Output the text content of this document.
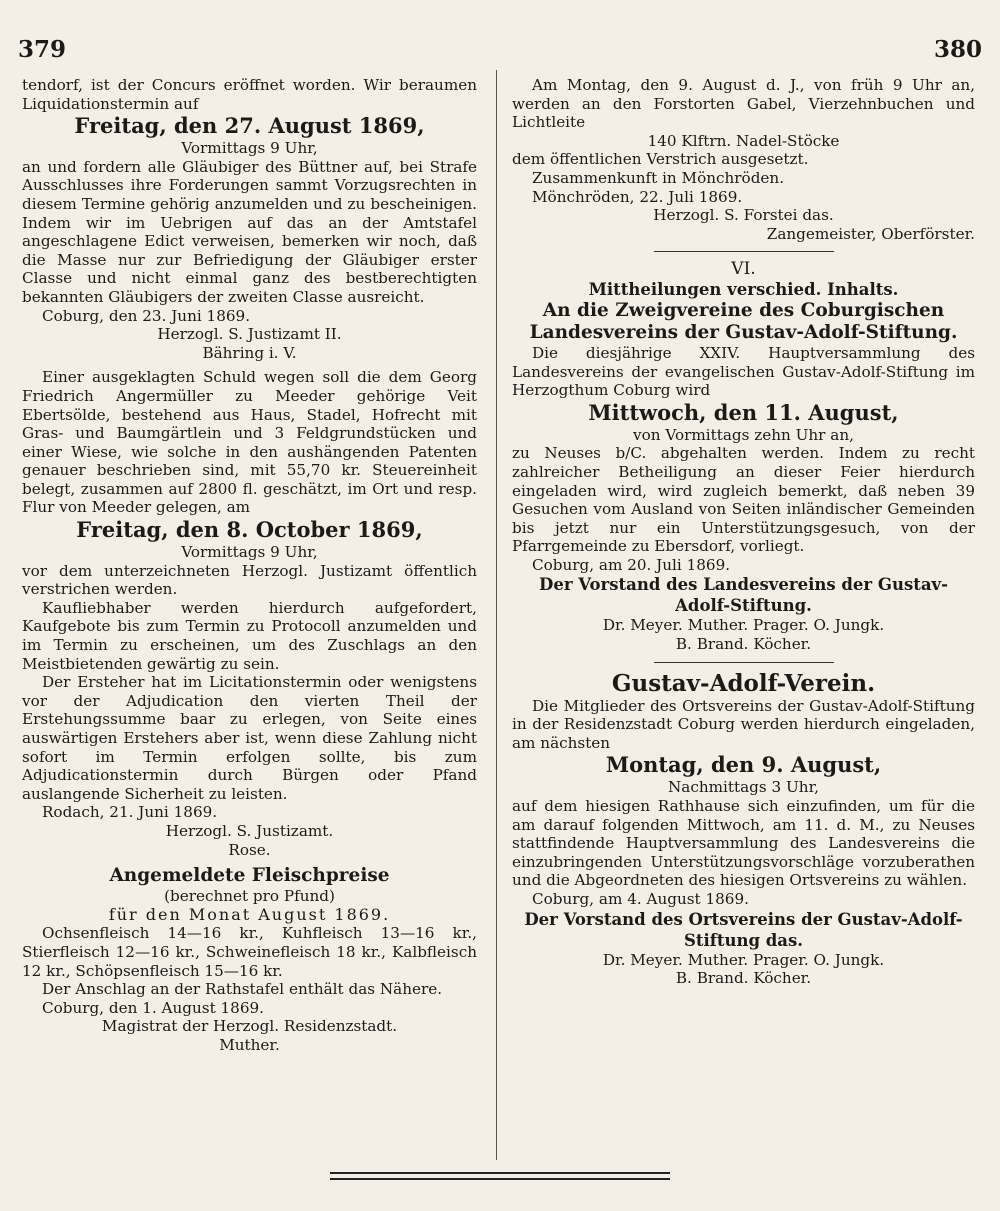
379	380

tendorf, ist der Concurs eröffnet worden. Wir beraumen Liquidationstermin auf

Freitag, den 27. August 1869,

Vormittags 9 Uhr,

an und fordern alle Gläubiger des Büttner auf, bei Strafe Ausschlusses ihre Forderungen sammt Vorzugsrechten in diesem Termine gehörig anzumelden und zu bescheinigen. Indem wir im Uebrigen auf das an der Amtstafel angeschlagene Edict verweisen, bemerken wir noch, daß die Masse nur zur Befriedigung der Gläubiger erster Classe und nicht einmal ganz des bestberechtigten bekannten Gläubigers der zweiten Classe ausreicht.

Coburg, den 23. Juni 1869.

Herzogl. S. Justizamt II.

Bähring i. V.

Einer ausgeklagten Schuld wegen soll die dem Georg Friedrich Angermüller zu Meeder gehörige Veit Ebertsölde, bestehend aus Haus, Stadel, Hofrecht mit Gras- und Baumgärtlein und 3 Feldgrundstücken und einer Wiese, wie solche in den aushängenden Patenten genauer beschrieben sind, mit 55,70 kr. Steuereinheit belegt, zusammen auf 2800 fl. geschätzt, im Ort und resp. Flur von Meeder gelegen, am

Freitag, den 8. October 1869,

Vormittags 9 Uhr,

vor dem unterzeichneten Herzogl. Justizamt öffentlich verstrichen werden.

Kaufliebhaber werden hierdurch aufgefordert, Kaufgebote bis zum Termin zu Protocoll anzumelden und im Termin zu erscheinen, um des Zuschlags an den Meistbietenden gewärtig zu sein.

Der Ersteher hat im Licitationstermin oder wenigstens vor der Adjudication den vierten Theil der Erstehungssumme baar zu erlegen, von Seite eines auswärtigen Erstehers aber ist, wenn diese Zahlung nicht sofort im Termin erfolgen sollte, bis zum Adjudicationstermin durch Bürgen oder Pfand auslangende Sicherheit zu leisten.

Rodach, 21. Juni 1869.

Herzogl. S. Justizamt.

Rose.

Angemeldete Fleischpreise

(berechnet pro Pfund)

für den Monat August 1869.

Ochsenfleisch 14—16 kr., Kuhfleisch 13—16 kr., Stierfleisch 12—16 kr., Schweinefleisch 18 kr., Kalbfleisch 12 kr., Schöpsenfleisch 15—16 kr.

Der Anschlag an der Rathstafel enthält das Nähere.

Coburg, den 1. August 1869.

Magistrat der Herzogl. Residenzstadt.

Muther.

Am Montag, den 9. August d. J., von früh 9 Uhr an, werden an den Forstorten Gabel, Vierzehnbuchen und Lichtleite

140 Klftrn. Nadel-Stöcke

dem öffentlichen Verstrich ausgesetzt.

Zusammenkunft in Mönchröden.

Mönchröden, 22. Juli 1869.

Herzogl. S. Forstei das.

Zangemeister, Oberförster.

VI.

Mittheilungen verschied. Inhalts.

An die Zweigvereine des Coburgischen Landesvereins der Gustav-Adolf-Stiftung.

Die diesjährige XXIV. Hauptversammlung des Landesvereins der evangelischen Gustav-Adolf-Stiftung im Herzogthum Coburg wird

Mittwoch, den 11. August,

von Vormittags zehn Uhr an,

zu Neuses b/C. abgehalten werden. Indem zu recht zahlreicher Betheiligung an dieser Feier hierdurch eingeladen wird, wird zugleich bemerkt, daß neben 39 Gesuchen vom Ausland von Seiten inländischer Gemeinden bis jetzt nur ein Unterstützungsgesuch, von der Pfarrgemeinde zu Ebersdorf, vorliegt.

Coburg, am 20. Juli 1869.

Der Vorstand des Landesvereins der Gustav-Adolf-Stiftung.

Dr. Meyer. Muther. Prager. O. Jungk.

B. Brand. Köcher.

Gustav-Adolf-Verein.

Die Mitglieder des Ortsvereins der Gustav-Adolf-Stiftung in der Residenzstadt Coburg werden hierdurch eingeladen, am nächsten

Montag, den 9. August,

Nachmittags 3 Uhr,

auf dem hiesigen Rathhause sich einzufinden, um für die am darauf folgenden Mittwoch, am 11. d. M., zu Neuses stattfindende Hauptversammlung des Landesvereins die einzubringenden Unterstützungsvorschläge vorzuberathen und die Abgeordneten des hiesigen Ortsvereins zu wählen.

Coburg, am 4. August 1869.

Der Vorstand des Ortsvereins der Gustav-Adolf-Stiftung das.

Dr. Meyer. Muther. Prager. O. Jungk.

B. Brand. Köcher.
